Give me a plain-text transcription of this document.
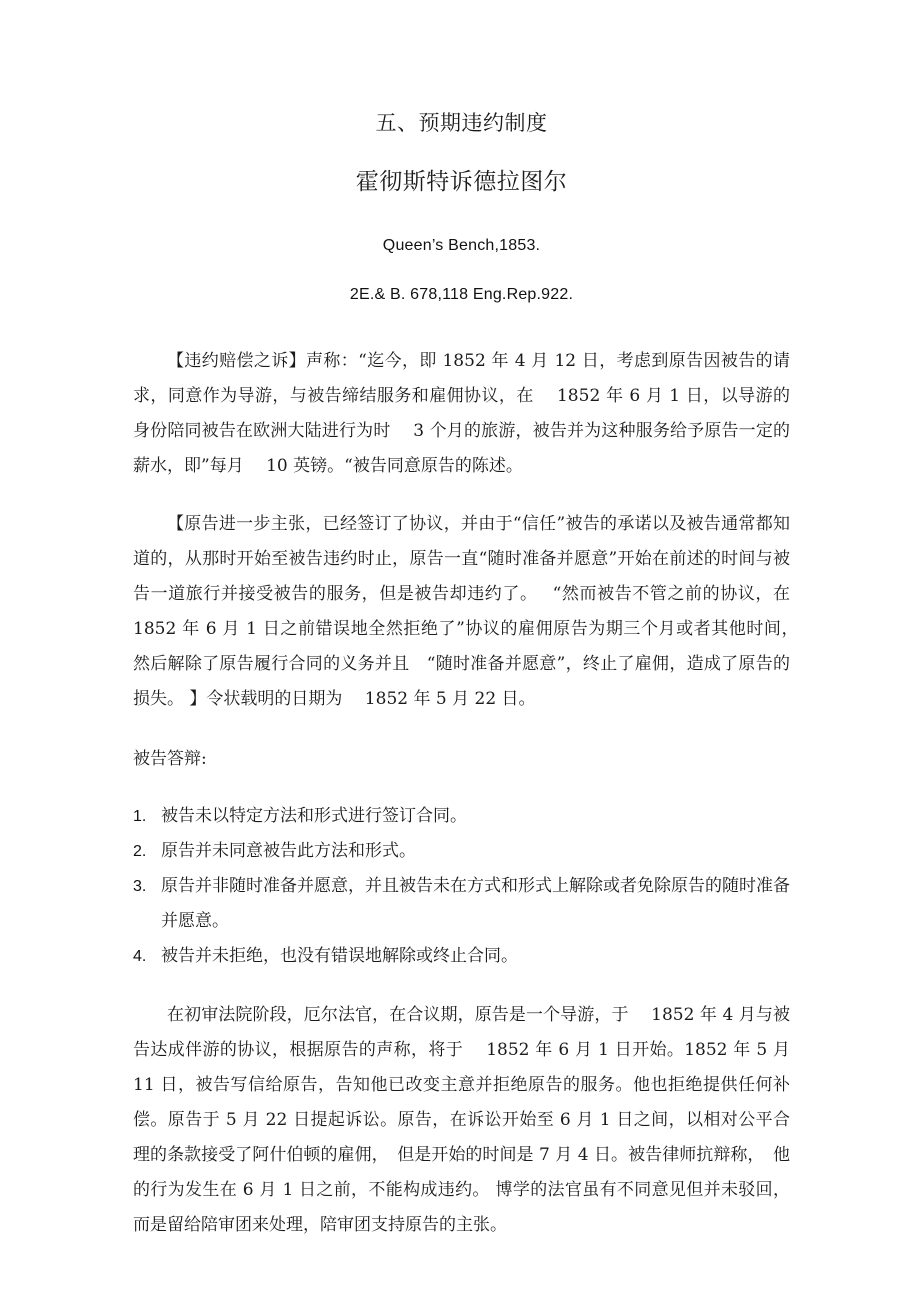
五、预期违约制度
霍彻斯特诉德拉图尔

Queen’s Bench,1853.

2E.& B. 678,118 Eng.Rep.922.

【违约赔偿之诉】声称：“迄今，即 1852 年 4 月 12 日，考虑到原告因被告的请求，同意作为导游，与被告缔结服务和雇佣协议，在　 1852 年 6 月 1 日，以导游的身份陪同被告在欧洲大陆进行为时　 3 个月的旅游，被告并为这种服务给予原告一定的薪水，即”每月　 10 英镑。“被告同意原告的陈述。

【原告进一步主张，已经签订了协议，并由于“信任”被告的承诺以及被告通常都知道的，从那时开始至被告违约时止，原告一直“随时准备并愿意”开始在前述的时间与被告一道旅行并接受被告的服务，但是被告却违约了。　 “然而被告不管之前的协议，在　 1852 年 6 月 1 日之前错误地全然拒绝了”协议的雇佣原告为期三个月或者其他时间，　然后解除了原告履行合同的义务并且　“随时准备并愿意”，终止了雇佣，造成了原告的损失。 】令状载明的日期为　 1852 年 5 月 22 日。

被告答辩:

1. 被告未以特定方法和形式进行签订合同。
2. 原告并未同意被告此方法和形式。
3. 原告并非随时准备并愿意，并且被告未在方式和形式上解除或者免除原告的随时准备并愿意。
4. 被告并未拒绝，也没有错误地解除或终止合同。

在初审法院阶段，厄尔法官，在合议期，原告是一个导游，于　 1852 年 4 月与被告达成伴游的协议，根据原告的声称，将于　 1852 年 6 月 1 日开始。1852 年 5 月 11 日，被告写信给原告，告知他已改变主意并拒绝原告的服务。他也拒绝提供任何补偿。原告于 5 月 22 日提起诉讼。原告，在诉讼开始至 6 月 1 日之间，以相对公平合理的条款接受了阿什伯顿的雇佣，　但是开始的时间是 7 月 4 日。被告律师抗辩称，　他的行为发生在 6 月 1 日之前，不能构成违约。 博学的法官虽有不同意见但并未驳回，而是留给陪审团来处理，陪审团支持原告的主张。
